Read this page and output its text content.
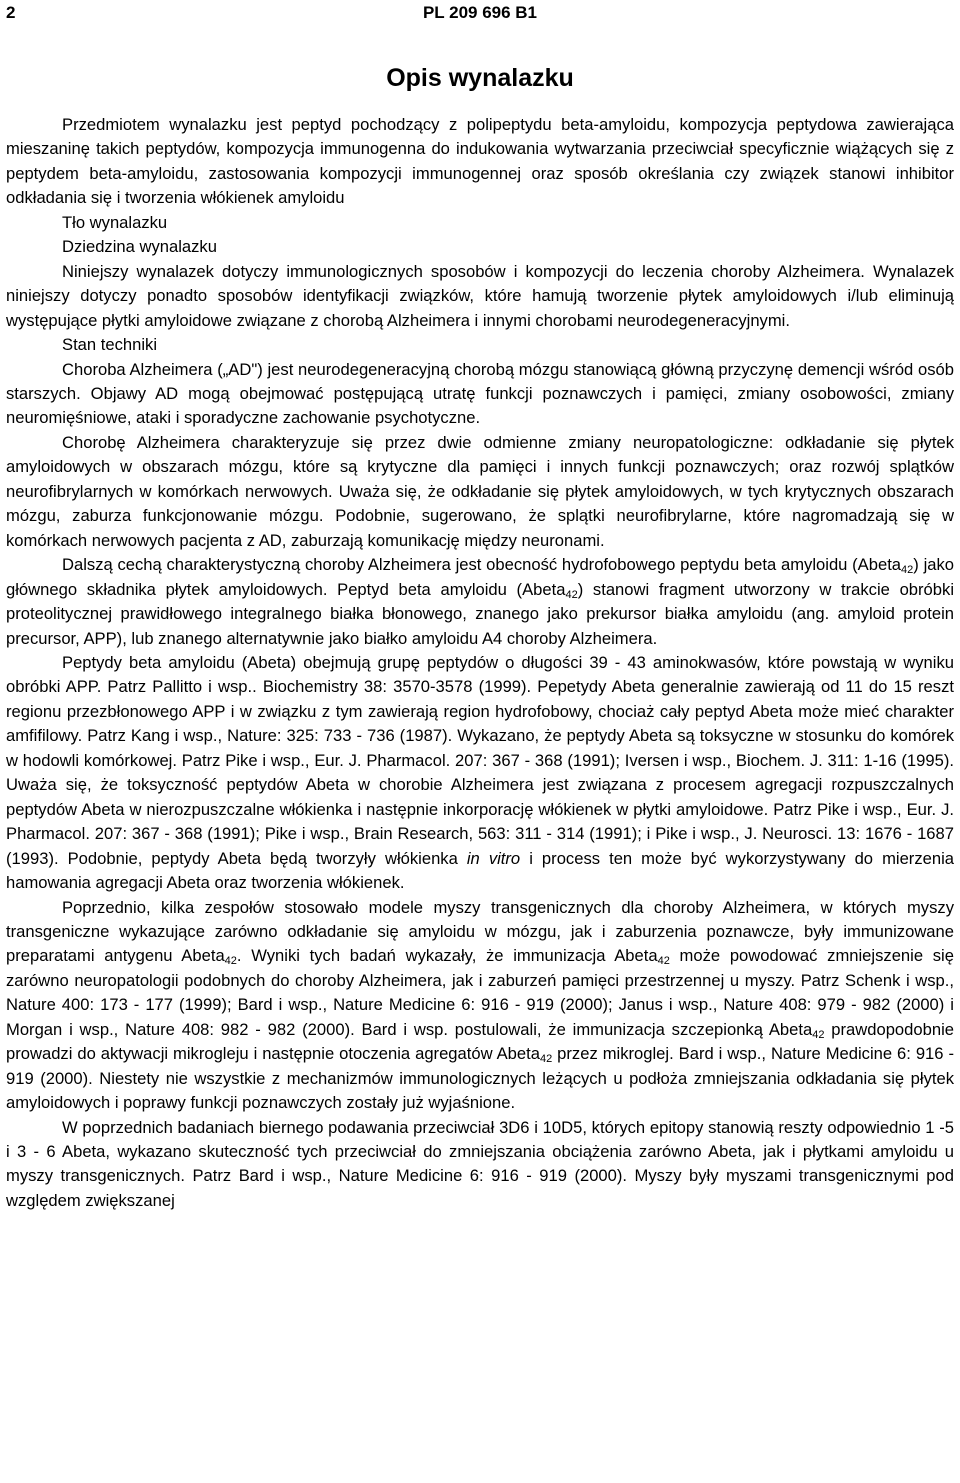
2	PL 209 696 B1
Opis wynalazku

Przedmiotem wynalazku jest peptyd pochodzący z polipeptydu beta-amyloidu, kompozycja peptydowa zawierająca mieszaninę takich peptydów, kompozycja immunogenna do indukowania wytwarzania przeciwciał specyficznie wiążących się z peptydem beta-amyloidu, zastosowania kompozycji immunogennej oraz sposób określania czy związek stanowi inhibitor odkładania się i tworzenia włókienek amyloidu

Tło wynalazku

Dziedzina wynalazku

Niniejszy wynalazek dotyczy immunologicznych sposobów i kompozycji do leczenia choroby Alzheimera. Wynalazek niniejszy dotyczy ponadto sposobów identyfikacji związków, które hamują tworzenie płytek amyloidowych i/lub eliminują występujące płytki amyloidowe związane z chorobą Alzheimera i innymi chorobami neurodegeneracyjnymi.

Stan techniki

Choroba Alzheimera („AD") jest neurodegeneracyjną chorobą mózgu stanowiącą główną przyczynę demencji wśród osób starszych. Objawy AD mogą obejmować postępującą utratę funkcji poznawczych i pamięci, zmiany osobowości, zmiany neuromięśniowe, ataki i sporadyczne zachowanie psychotyczne.

Chorobę Alzheimera charakteryzuje się przez dwie odmienne zmiany neuropatologiczne: odkładanie się płytek amyloidowych w obszarach mózgu, które są krytyczne dla pamięci i innych funkcji poznawczych; oraz rozwój splątków neurofibrylarnych w komórkach nerwowych. Uważa się, że odkładanie się płytek amyloidowych, w tych krytycznych obszarach mózgu, zaburza funkcjonowanie mózgu. Podobnie, sugerowano, że splątki neurofibrylarne, które nagromadzają się w komórkach nerwowych pacjenta z AD, zaburzają komunikację między neuronami.

Dalszą cechą charakterystyczną choroby Alzheimera jest obecność hydrofobowego peptydu beta amyloidu (Abeta$_{42}$) jako głównego składnika płytek amyloidowych. Peptyd beta amyloidu (Abeta$_{42}$) stanowi fragment utworzony w trakcie obróbki proteolitycznej prawidłowego integralnego białka błonowego, znanego jako prekursor białka amyloidu (ang. amyloid protein precursor, APP), lub znanego alternatywnie jako białko amyloidu A4 choroby Alzheimera.

Peptydy beta amyloidu (Abeta) obejmują grupę peptydów o długości 39 - 43 aminokwasów, które powstają w wyniku obróbki APP. Patrz Pallitto i wsp.. Biochemistry 38: 3570-3578 (1999). Pepetydy Abeta generalnie zawierają od 11 do 15 reszt regionu przezbłonowego APP i w związku z tym zawierają region hydrofobowy, chociaż cały peptyd Abeta może mieć charakter amfifilowy. Patrz Kang i wsp., Nature: 325: 733 - 736 (1987). Wykazano, że peptydy Abeta są toksyczne w stosunku do komórek w hodowli komórkowej. Patrz Pike i wsp., Eur. J. Pharmacol. 207: 367 - 368 (1991); Iversen i wsp., Biochem. J. 311: 1-16 (1995). Uważa się, że toksyczność peptydów Abeta w chorobie Alzheimera jest związana z procesem agregacji rozpuszczalnych peptydów Abeta w nierozpuszczalne włókienka i następnie inkorporację włókienek w płytki amyloidowe. Patrz Pike i wsp., Eur. J. Pharmacol. 207: 367 - 368 (1991); Pike i wsp., Brain Research, 563: 311 - 314 (1991); i Pike i wsp., J. Neurosci. 13: 1676 - 1687 (1993). Podobnie, peptydy Abeta będą tworzyły włókienka in vitro i process ten może być wykorzystywany do mierzenia hamowania agregacji Abeta oraz tworzenia włókienek.

Poprzednio, kilka zespołów stosowało modele myszy transgenicznych dla choroby Alzheimera, w których myszy transgeniczne wykazujące zarówno odkładanie się amyloidu w mózgu, jak i zaburzenia poznawcze, były immunizowane preparatami antygenu Abeta$_{42}$. Wyniki tych badań wykazały, że immunizacja Abeta$_{42}$ może powodować zmniejszenie się zarówno neuropatologii podobnych do choroby Alzheimera, jak i zaburzeń pamięci przestrzennej u myszy. Patrz Schenk i wsp., Nature 400: 173 - 177 (1999); Bard i wsp., Nature Medicine 6: 916 - 919 (2000); Janus i wsp., Nature 408: 979 - 982 (2000) i Morgan i wsp., Nature 408: 982 - 982 (2000). Bard i wsp. postulowali, że immunizacja szczepionką Abeta$_{42}$ prawdopodobnie prowadzi do aktywacji mikrogleju i następnie otoczenia agregatów Abeta$_{42}$ przez mikroglej. Bard i wsp., Nature Medicine 6: 916 - 919 (2000). Niestety nie wszystkie z mechanizmów immunologicznych leżących u podłoża zmniejszania odkładania się płytek amyloidowych i poprawy funkcji poznawczych zostały już wyjaśnione.

W poprzednich badaniach biernego podawania przeciwciał 3D6 i 10D5, których epitopy stanowią reszty odpowiednio 1 -5 i 3 - 6 Abeta, wykazano skuteczność tych przeciwciał do zmniejszania obciążenia zarówno Abeta, jak i płytkami amyloidu u myszy transgenicznych. Patrz Bard i wsp., Nature Medicine 6: 916 - 919 (2000). Myszy były myszami transgenicznymi pod względem zwiększanej
